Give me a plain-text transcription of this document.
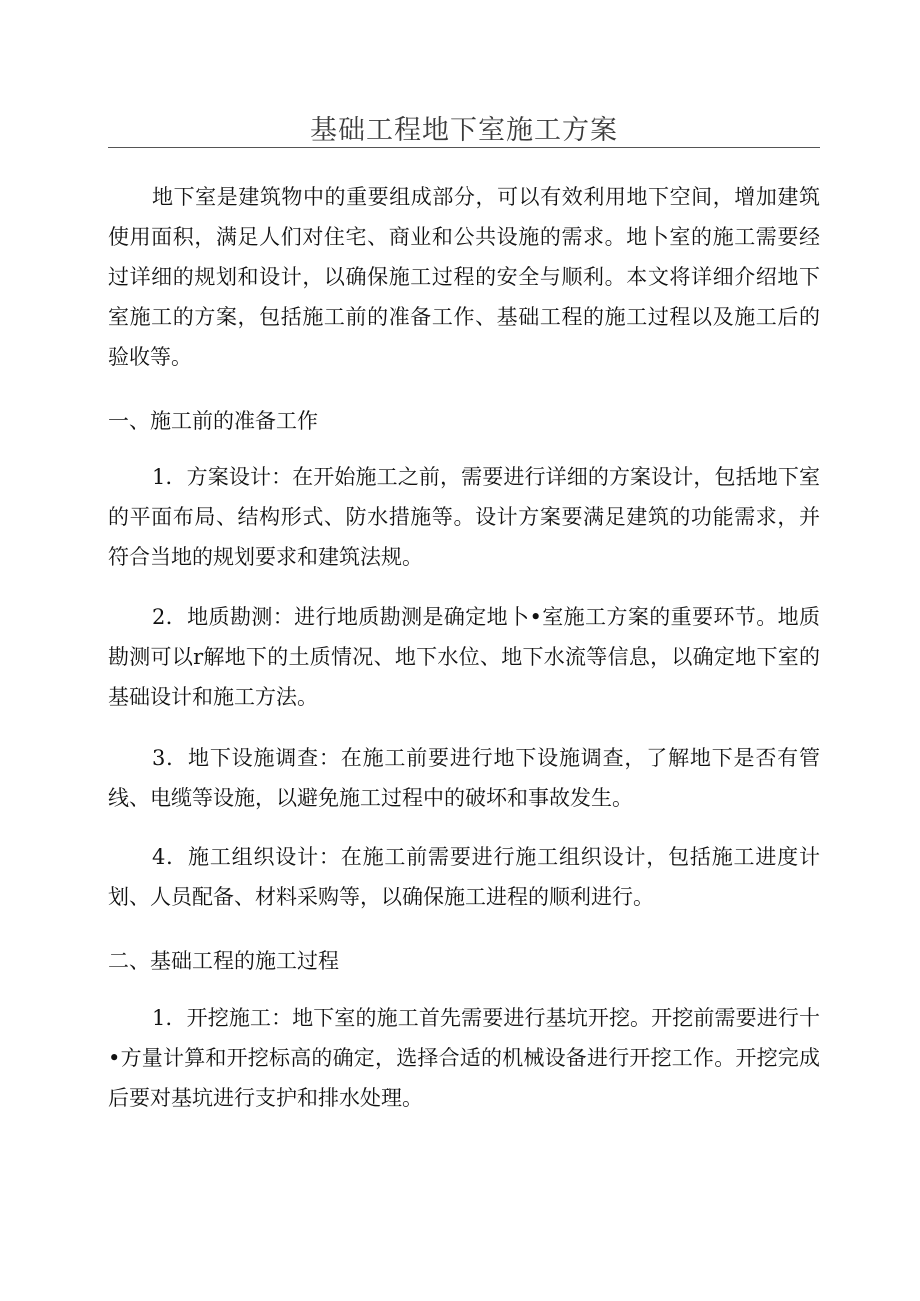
基础工程地下室施工方案

地下室是建筑物中的重要组成部分，可以有效利用地下空间，增加建筑使用面积，满足人们对住宅、商业和公共设施的需求。地卜室的施工需要经过详细的规划和设计，以确保施工过程的安全与顺利。本文将详细介绍地下室施工的方案，包括施工前的准备工作、基础工程的施工过程以及施工后的验收等。

一、施工前的准备工作

1．方案设计：在开始施工之前，需要进行详细的方案设计，包括地下室的平面布局、结构形式、防水措施等。设计方案要满足建筑的功能需求，并符合当地的规划要求和建筑法规。

2．地质勘测：进行地质勘测是确定地卜•室施工方案的重要环节。地质勘测可以r解地下的土质情况、地下水位、地下水流等信息，以确定地下室的基础设计和施工方法。

3．地下设施调查：在施工前要进行地下设施调查，了解地下是否有管线、电缆等设施，以避免施工过程中的破坏和事故发生。

4．施工组织设计：在施工前需要进行施工组织设计，包括施工进度计划、人员配备、材料采购等，以确保施工进程的顺利进行。

二、基础工程的施工过程

1．开挖施工：地下室的施工首先需要进行基坑开挖。开挖前需要进行十•方量计算和开挖标高的确定，选择合适的机械设备进行开挖工作。开挖完成后要对基坑进行支护和排水处理。
